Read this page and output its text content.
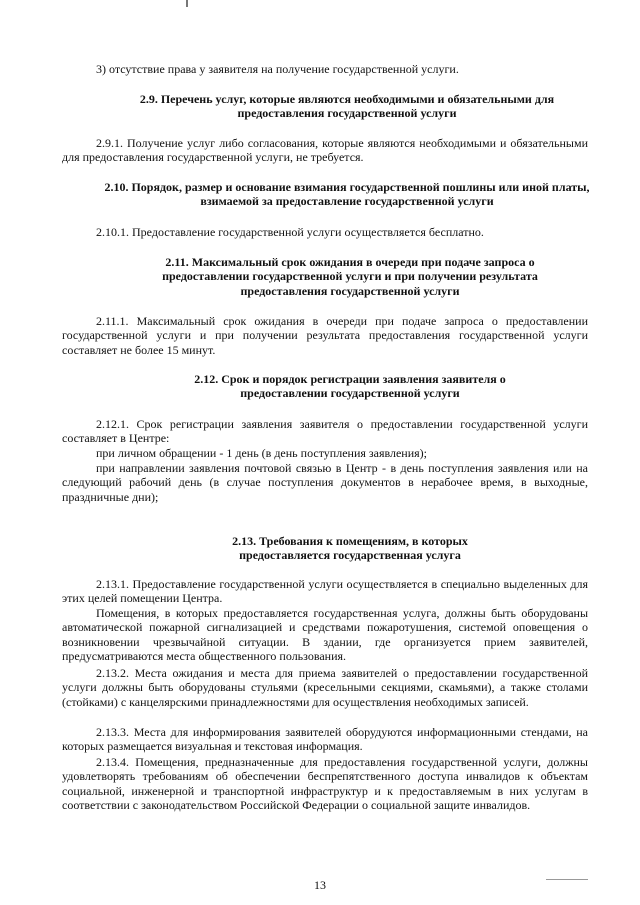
3) отсутствие права у заявителя на получение государственной услуги.

2.9. Перечень услуг, которые являются необходимыми и обязательными для предоставления государственной услуги

2.9.1. Получение услуг либо согласования, которые являются необходимыми и обязательными для предоставления государственной услуги, не требуется.

2.10. Порядок, размер и основание взимания государственной пошлины или иной платы, взимаемой за предоставление государственной услуги

2.10.1. Предоставление государственной услуги осуществляется бесплатно.

2.11. Максимальный срок ожидания в очереди при подаче запроса о предоставлении государственной услуги и при получении результата предоставления государственной услуги

2.11.1. Максимальный срок ожидания в очереди при подаче запроса о предоставлении государственной услуги и при получении результата предоставления государственной услуги составляет не более 15 минут.

2.12. Срок и порядок регистрации заявления заявителя о предоставлении государственной услуги

2.12.1. Срок регистрации заявления заявителя о предоставлении государственной услуги составляет в Центре:

при личном обращении - 1 день (в день поступления заявления);

при направлении заявления почтовой связью в Центр - в день поступления заявления или на следующий рабочий день (в случае поступления документов в нерабочее время, в выходные, праздничные дни);

2.13. Требования к помещениям, в которых предоставляется государственная услуга

2.13.1. Предоставление государственной услуги осуществляется в специально выделенных для этих целей помещении Центра.

Помещения, в которых предоставляется государственная услуга, должны быть оборудованы автоматической пожарной сигнализацией и средствами пожаротушения, системой оповещения о возникновении чрезвычайной ситуации. В здании, где организуется прием заявителей, предусматриваются места общественного пользования.

2.13.2. Места ожидания и места для приема заявителей о предоставлении государственной услуги должны быть оборудованы стульями (кресельными секциями, скамьями), а также столами (стойками) с канцелярскими принадлежностями для осуществления необходимых записей.

2.13.3. Места для информирования заявителей оборудуются информационными стендами, на которых размещается визуальная и текстовая информация.

2.13.4. Помещения, предназначенные для предоставления государственной услуги, должны удовлетворять требованиям об обеспечении беспрепятственного доступа инвалидов к объектам социальной, инженерной и транспортной инфраструктур и к предоставляемым в них услугам в соответствии с законодательством Российской Федерации о социальной защите инвалидов.

13
